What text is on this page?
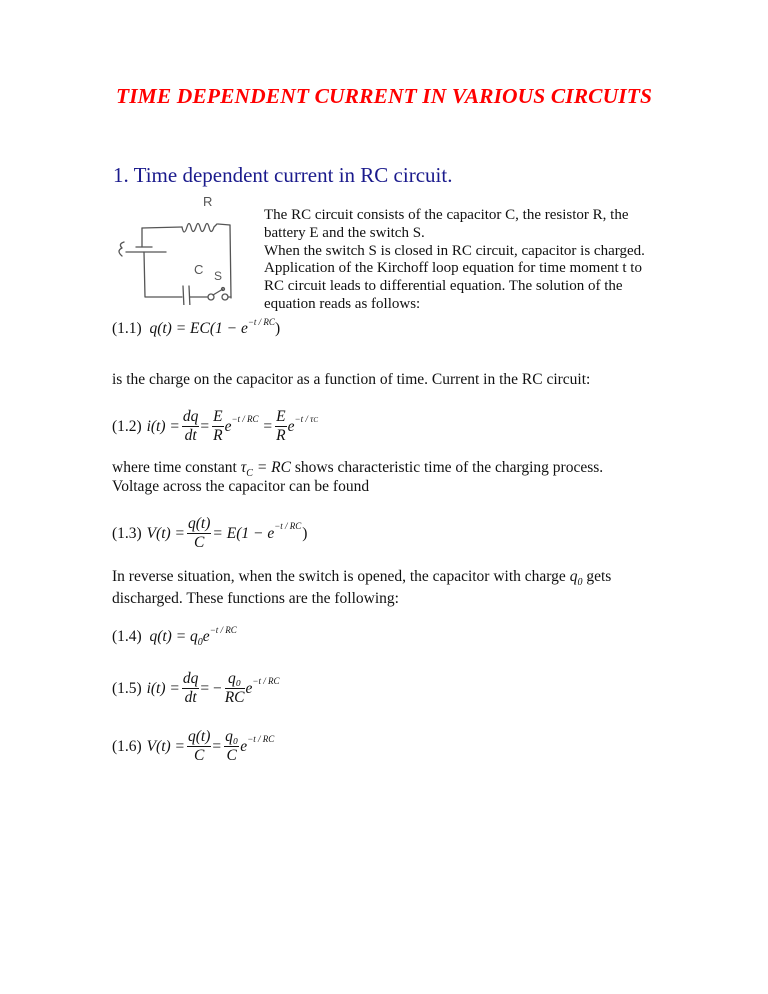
TIME DEPENDENT CURRENT IN VARIOUS CIRCUITS
1. Time dependent current in RC circuit.
R
C S
The RC circuit consists of the capacitor C, the resistor R, the
battery E and the switch S.
When the switch S is closed in RC circuit, capacitor is charged.
Application of the Kirchoff loop equation for time moment t to
RC circuit leads to differential equation. The solution of the
equation reads as follows:
(1.1) $q(t) = EC(1 - e^{-t / RC})$
is the charge on the capacitor as a function of time. Current in the RC circuit:
(1.2)
$i(t) = \frac{dq}{dt} = \frac{E}{R}$ e −t / RC
= $\frac{E}{R}$ e −t / τC
where time constant $\tau_C$ = RC shows characteristic time of the charging process.
Voltage across the capacitor can be found
(1.3)
$V(t) = \frac{q(t)}{C} = E(1 - e -t$ / RC )
In reverse situation, when the switch is opened, the capacitor with charge $q_0$ gets
discharged. These functions are the following:
(1.4) $q(t) = q_0e^{-t / RC}$
(1.5)
$i(t) = \frac{dq}{dt}$ = − $\frac{\text{q₀}}{RC}$ e −t / RC
(1.6)
$V(t) = \frac{q(t)}{C} = \frac{\text{q₀}}{C}$ e −t / RC
